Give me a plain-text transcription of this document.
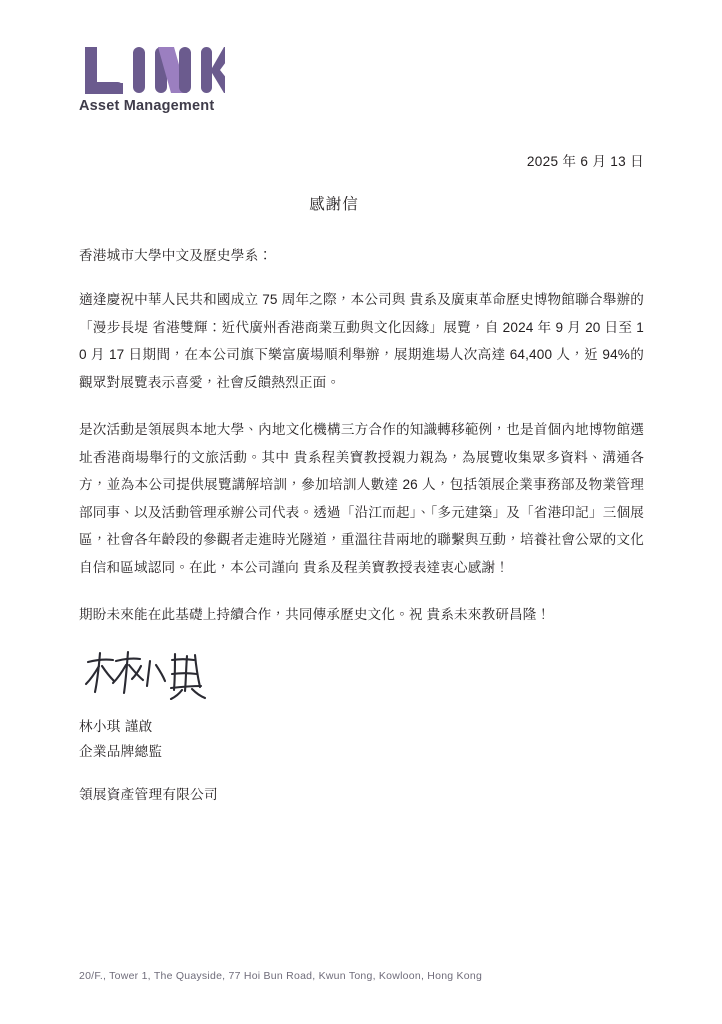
Asset Management
2025 年 6 月 13 日
感謝信
香港城市大學中文及歷史學系：

適逢慶祝中華人民共和國成立 75 周年之際，本公司與 貴系及廣東革命歷史博物館聯合舉辦的「漫步長堤 省港雙輝：近代廣州香港商業互動與文化因緣」展覽，自 2024 年 9 月 20 日至 10 月 17 日期間，在本公司旗下樂富廣場順利舉辦，展期進場人次高達 64,400 人，近 94%的觀眾對展覽表示喜愛，社會反饋熱烈正面。

是次活動是領展與本地大學、內地文化機構三方合作的知識轉移範例，也是首個內地博物館選址香港商場舉行的文旅活動。其中 貴系程美寶教授親力親為，為展覽收集眾多資料、溝通各方，並為本公司提供展覽講解培訓，參加培訓人數達 26 人，包括領展企業事務部及物業管理部同事、以及活動管理承辦公司代表。透過「沿江而起」、「多元建築」及「省港印記」三個展區，社會各年齡段的參觀者走進時光隧道，重溫往昔兩地的聯繫與互動，培養社會公眾的文化自信和區域認同。在此，本公司謹向 貴系及程美寶教授表達衷心感謝！

期盼未來能在此基礎上持續合作，共同傳承歷史文化。祝 貴系未來教研昌隆！

林小琪 謹啟
企業品牌總監
領展資產管理有限公司
20/F., Tower 1, The Quayside, 77 Hoi Bun Road, Kwun Tong, Kowloon, Hong Kong
